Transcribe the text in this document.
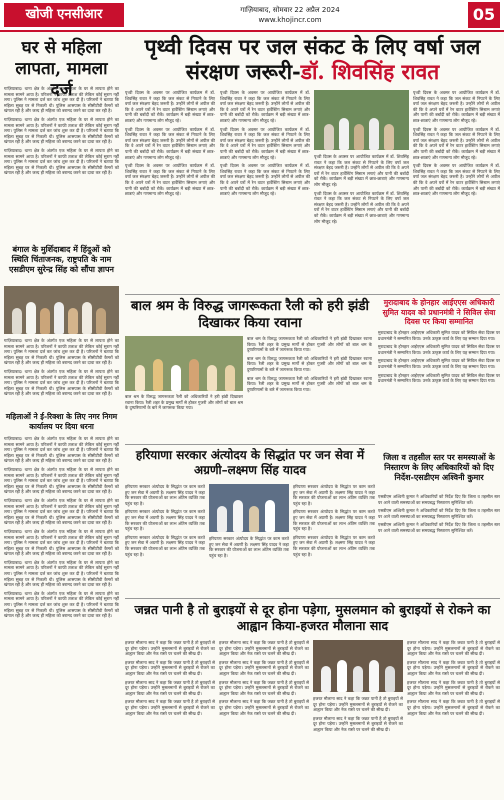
खोजी एनसीआर	गाज़ियाबाद, सोमवार 22 अप्रैल 2024
www.khojincr.com	05
घर से महिला लापता, मामला दर्ज

गाज़ियाबाद। थाना क्षेत्र के अंतर्गत एक महिला के घर से लापता होने का मामला सामने आया है। परिजनों ने काफी तलाश की लेकिन कोई सुराग नहीं लगा। पुलिस ने मामला दर्ज कर जांच शुरू कर दी है। परिजनों ने बताया कि महिला सुबह घर से निकली थी। पुलिस आसपास के सीसीटीवी कैमरों को खंगाल रही है और जल्द ही महिला को बरामद करने का दावा कर रही है।

गाज़ियाबाद। थाना क्षेत्र के अंतर्गत एक महिला के घर से लापता होने का मामला सामने आया है। परिजनों ने काफी तलाश की लेकिन कोई सुराग नहीं लगा। पुलिस ने मामला दर्ज कर जांच शुरू कर दी है। परिजनों ने बताया कि महिला सुबह घर से निकली थी। पुलिस आसपास के सीसीटीवी कैमरों को खंगाल रही है और जल्द ही महिला को बरामद करने का दावा कर रही है।

गाज़ियाबाद। थाना क्षेत्र के अंतर्गत एक महिला के घर से लापता होने का मामला सामने आया है। परिजनों ने काफी तलाश की लेकिन कोई सुराग नहीं लगा। पुलिस ने मामला दर्ज कर जांच शुरू कर दी है। परिजनों ने बताया कि महिला सुबह घर से निकली थी। पुलिस आसपास के सीसीटीवी कैमरों को खंगाल रही है और जल्द ही महिला को बरामद करने का दावा कर रही है।

पृथ्वी दिवस पर जल संकट के लिए वर्षा जल
संरक्षण जरूरी-डॉ. शिवसिंह रावत

पृथ्वी दिवस के अवसर पर आयोजित कार्यक्रम में डॉ. शिवसिंह रावत ने कहा कि जल संकट से निपटने के लिए वर्षा जल संरक्षण बेहद जरूरी है। उन्होंने लोगों से अपील की कि वे अपने घरों में रेन वाटर हार्वेस्टिंग सिस्टम लगाएं और पानी की बर्बादी को रोकें। कार्यक्रम में बड़ी संख्या में छात्र-छात्राएं और गणमान्य लोग मौजूद रहे।

पृथ्वी दिवस के अवसर पर आयोजित कार्यक्रम में डॉ. शिवसिंह रावत ने कहा कि जल संकट से निपटने के लिए वर्षा जल संरक्षण बेहद जरूरी है। उन्होंने लोगों से अपील की कि वे अपने घरों में रेन वाटर हार्वेस्टिंग सिस्टम लगाएं और पानी की बर्बादी को रोकें। कार्यक्रम में बड़ी संख्या में छात्र-छात्राएं और गणमान्य लोग मौजूद रहे।

पृथ्वी दिवस के अवसर पर आयोजित कार्यक्रम में डॉ. शिवसिंह रावत ने कहा कि जल संकट से निपटने के लिए वर्षा जल संरक्षण बेहद जरूरी है। उन्होंने लोगों से अपील की कि वे अपने घरों में रेन वाटर हार्वेस्टिंग सिस्टम लगाएं और पानी की बर्बादी को रोकें। कार्यक्रम में बड़ी संख्या में छात्र-छात्राएं और गणमान्य लोग मौजूद रहे।

पृथ्वी दिवस के अवसर पर आयोजित कार्यक्रम में डॉ. शिवसिंह रावत ने कहा कि जल संकट से निपटने के लिए वर्षा जल संरक्षण बेहद जरूरी है। उन्होंने लोगों से अपील की कि वे अपने घरों में रेन वाटर हार्वेस्टिंग सिस्टम लगाएं और पानी की बर्बादी को रोकें। कार्यक्रम में बड़ी संख्या में छात्र-छात्राएं और गणमान्य लोग मौजूद रहे।

पृथ्वी दिवस के अवसर पर आयोजित कार्यक्रम में डॉ. शिवसिंह रावत ने कहा कि जल संकट से निपटने के लिए वर्षा जल संरक्षण बेहद जरूरी है। उन्होंने लोगों से अपील की कि वे अपने घरों में रेन वाटर हार्वेस्टिंग सिस्टम लगाएं और पानी की बर्बादी को रोकें। कार्यक्रम में बड़ी संख्या में छात्र-छात्राएं और गणमान्य लोग मौजूद रहे।

पृथ्वी दिवस के अवसर पर आयोजित कार्यक्रम में डॉ. शिवसिंह रावत ने कहा कि जल संकट से निपटने के लिए वर्षा जल संरक्षण बेहद जरूरी है। उन्होंने लोगों से अपील की कि वे अपने घरों में रेन वाटर हार्वेस्टिंग सिस्टम लगाएं और पानी की बर्बादी को रोकें। कार्यक्रम में बड़ी संख्या में छात्र-छात्राएं और गणमान्य लोग मौजूद रहे।

पृथ्वी दिवस के अवसर पर आयोजित कार्यक्रम में डॉ. शिवसिंह रावत ने कहा कि जल संकट से निपटने के लिए वर्षा जल संरक्षण बेहद जरूरी है। उन्होंने लोगों से अपील की कि वे अपने घरों में रेन वाटर हार्वेस्टिंग सिस्टम लगाएं और पानी की बर्बादी को रोकें। कार्यक्रम में बड़ी संख्या में छात्र-छात्राएं और गणमान्य लोग मौजूद रहे।

पृथ्वी दिवस के अवसर पर आयोजित कार्यक्रम में डॉ. शिवसिंह रावत ने कहा कि जल संकट से निपटने के लिए वर्षा जल संरक्षण बेहद जरूरी है। उन्होंने लोगों से अपील की कि वे अपने घरों में रेन वाटर हार्वेस्टिंग सिस्टम लगाएं और पानी की बर्बादी को रोकें। कार्यक्रम में बड़ी संख्या में छात्र-छात्राएं और गणमान्य लोग मौजूद रहे।

पृथ्वी दिवस के अवसर पर आयोजित कार्यक्रम में डॉ. शिवसिंह रावत ने कहा कि जल संकट से निपटने के लिए वर्षा जल संरक्षण बेहद जरूरी है। उन्होंने लोगों से अपील की कि वे अपने घरों में रेन वाटर हार्वेस्टिंग सिस्टम लगाएं और पानी की बर्बादी को रोकें। कार्यक्रम में बड़ी संख्या में छात्र-छात्राएं और गणमान्य लोग मौजूद रहे।

पृथ्वी दिवस के अवसर पर आयोजित कार्यक्रम में डॉ. शिवसिंह रावत ने कहा कि जल संकट से निपटने के लिए वर्षा जल संरक्षण बेहद जरूरी है। उन्होंने लोगों से अपील की कि वे अपने घरों में रेन वाटर हार्वेस्टिंग सिस्टम लगाएं और पानी की बर्बादी को रोकें। कार्यक्रम में बड़ी संख्या में छात्र-छात्राएं और गणमान्य लोग मौजूद रहे।

पृथ्वी दिवस के अवसर पर आयोजित कार्यक्रम में डॉ. शिवसिंह रावत ने कहा कि जल संकट से निपटने के लिए वर्षा जल संरक्षण बेहद जरूरी है। उन्होंने लोगों से अपील की कि वे अपने घरों में रेन वाटर हार्वेस्टिंग सिस्टम लगाएं और पानी की बर्बादी को रोकें। कार्यक्रम में बड़ी संख्या में छात्र-छात्राएं और गणमान्य लोग मौजूद रहे।

बंगाल के मुर्शिदाबाद में हिंदुओं को स्थिति चिंताजनक, राष्ट्रपति के नाम एसडीएम सुरेन्द्र सिंह को सौंपा ज्ञापन

गाज़ियाबाद। थाना क्षेत्र के अंतर्गत एक महिला के घर से लापता होने का मामला सामने आया है। परिजनों ने काफी तलाश की लेकिन कोई सुराग नहीं लगा। पुलिस ने मामला दर्ज कर जांच शुरू कर दी है। परिजनों ने बताया कि महिला सुबह घर से निकली थी। पुलिस आसपास के सीसीटीवी कैमरों को खंगाल रही है और जल्द ही महिला को बरामद करने का दावा कर रही है।

गाज़ियाबाद। थाना क्षेत्र के अंतर्गत एक महिला के घर से लापता होने का मामला सामने आया है। परिजनों ने काफी तलाश की लेकिन कोई सुराग नहीं लगा। पुलिस ने मामला दर्ज कर जांच शुरू कर दी है। परिजनों ने बताया कि महिला सुबह घर से निकली थी। पुलिस आसपास के सीसीटीवी कैमरों को खंगाल रही है और जल्द ही महिला को बरामद करने का दावा कर रही है।

बाल श्रम के विरुद्ध जागरूकता रैली को हरी झंडी दिखाकर किया रवाना

बाल श्रम के विरुद्ध जागरूकता रैली को अधिकारियों ने हरी झंडी दिखाकर रवाना किया। रैली शहर के प्रमुख मार्गों से होकर गुजरी और लोगों को बाल श्रम के दुष्परिणामों के बारे में जागरूक किया गया।

बाल श्रम के विरुद्ध जागरूकता रैली को अधिकारियों ने हरी झंडी दिखाकर रवाना किया। रैली शहर के प्रमुख मार्गों से होकर गुजरी और लोगों को बाल श्रम के दुष्परिणामों के बारे में जागरूक किया गया।

बाल श्रम के विरुद्ध जागरूकता रैली को अधिकारियों ने हरी झंडी दिखाकर रवाना किया। रैली शहर के प्रमुख मार्गों से होकर गुजरी और लोगों को बाल श्रम के दुष्परिणामों के बारे में जागरूक किया गया।

बाल श्रम के विरुद्ध जागरूकता रैली को अधिकारियों ने हरी झंडी दिखाकर रवाना किया। रैली शहर के प्रमुख मार्गों से होकर गुजरी और लोगों को बाल श्रम के दुष्परिणामों के बारे में जागरूक किया गया।

मुरादाबाद के होनहार आईएएस अधिकारी सुमित यादव को प्रधानमंत्री ने सिविल सेवा दिवस पर किया सम्मानित

मुरादाबाद के होनहार आईएएस अधिकारी सुमित यादव को सिविल सेवा दिवस पर प्रधानमंत्री ने सम्मानित किया। उनके उत्कृष्ट कार्य के लिए यह सम्मान दिया गया।

मुरादाबाद के होनहार आईएएस अधिकारी सुमित यादव को सिविल सेवा दिवस पर प्रधानमंत्री ने सम्मानित किया। उनके उत्कृष्ट कार्य के लिए यह सम्मान दिया गया।

मुरादाबाद के होनहार आईएएस अधिकारी सुमित यादव को सिविल सेवा दिवस पर प्रधानमंत्री ने सम्मानित किया। उनके उत्कृष्ट कार्य के लिए यह सम्मान दिया गया।

मुरादाबाद के होनहार आईएएस अधिकारी सुमित यादव को सिविल सेवा दिवस पर प्रधानमंत्री ने सम्मानित किया। उनके उत्कृष्ट कार्य के लिए यह सम्मान दिया गया।

महिलाओं ने ई-रिक्शा के लिए नगर निगम कार्यालय पर दिया धरना

गाज़ियाबाद। थाना क्षेत्र के अंतर्गत एक महिला के घर से लापता होने का मामला सामने आया है। परिजनों ने काफी तलाश की लेकिन कोई सुराग नहीं लगा। पुलिस ने मामला दर्ज कर जांच शुरू कर दी है। परिजनों ने बताया कि महिला सुबह घर से निकली थी। पुलिस आसपास के सीसीटीवी कैमरों को खंगाल रही है और जल्द ही महिला को बरामद करने का दावा कर रही है।

गाज़ियाबाद। थाना क्षेत्र के अंतर्गत एक महिला के घर से लापता होने का मामला सामने आया है। परिजनों ने काफी तलाश की लेकिन कोई सुराग नहीं लगा। पुलिस ने मामला दर्ज कर जांच शुरू कर दी है। परिजनों ने बताया कि महिला सुबह घर से निकली थी। पुलिस आसपास के सीसीटीवी कैमरों को खंगाल रही है और जल्द ही महिला को बरामद करने का दावा कर रही है।

गाज़ियाबाद। थाना क्षेत्र के अंतर्गत एक महिला के घर से लापता होने का मामला सामने आया है। परिजनों ने काफी तलाश की लेकिन कोई सुराग नहीं लगा। पुलिस ने मामला दर्ज कर जांच शुरू कर दी है। परिजनों ने बताया कि महिला सुबह घर से निकली थी। पुलिस आसपास के सीसीटीवी कैमरों को खंगाल रही है और जल्द ही महिला को बरामद करने का दावा कर रही है।

गाज़ियाबाद। थाना क्षेत्र के अंतर्गत एक महिला के घर से लापता होने का मामला सामने आया है। परिजनों ने काफी तलाश की लेकिन कोई सुराग नहीं लगा। पुलिस ने मामला दर्ज कर जांच शुरू कर दी है। परिजनों ने बताया कि महिला सुबह घर से निकली थी। पुलिस आसपास के सीसीटीवी कैमरों को खंगाल रही है और जल्द ही महिला को बरामद करने का दावा कर रही है।

गाज़ियाबाद। थाना क्षेत्र के अंतर्गत एक महिला के घर से लापता होने का मामला सामने आया है। परिजनों ने काफी तलाश की लेकिन कोई सुराग नहीं लगा। पुलिस ने मामला दर्ज कर जांच शुरू कर दी है। परिजनों ने बताया कि महिला सुबह घर से निकली थी। पुलिस आसपास के सीसीटीवी कैमरों को खंगाल रही है और जल्द ही महिला को बरामद करने का दावा कर रही है।

गाज़ियाबाद। थाना क्षेत्र के अंतर्गत एक महिला के घर से लापता होने का मामला सामने आया है। परिजनों ने काफी तलाश की लेकिन कोई सुराग नहीं लगा। पुलिस ने मामला दर्ज कर जांच शुरू कर दी है। परिजनों ने बताया कि महिला सुबह घर से निकली थी। पुलिस आसपास के सीसीटीवी कैमरों को खंगाल रही है और जल्द ही महिला को बरामद करने का दावा कर रही है।

हरियाणा सरकार अंत्योदय के सिद्धांत पर जन सेवा में अग्रणी–लक्ष्मण सिंह यादव

हरियाणा सरकार अंत्योदय के सिद्धांत पर काम करते हुए जन सेवा में अग्रणी है। लक्ष्मण सिंह यादव ने कहा कि सरकार की योजनाओं का लाभ अंतिम व्यक्ति तक पहुंच रहा है।

हरियाणा सरकार अंत्योदय के सिद्धांत पर काम करते हुए जन सेवा में अग्रणी है। लक्ष्मण सिंह यादव ने कहा कि सरकार की योजनाओं का लाभ अंतिम व्यक्ति तक पहुंच रहा है।

हरियाणा सरकार अंत्योदय के सिद्धांत पर काम करते हुए जन सेवा में अग्रणी है। लक्ष्मण सिंह यादव ने कहा कि सरकार की योजनाओं का लाभ अंतिम व्यक्ति तक पहुंच रहा है।

हरियाणा सरकार अंत्योदय के सिद्धांत पर काम करते हुए जन सेवा में अग्रणी है। लक्ष्मण सिंह यादव ने कहा कि सरकार की योजनाओं का लाभ अंतिम व्यक्ति तक पहुंच रहा है।

हरियाणा सरकार अंत्योदय के सिद्धांत पर काम करते हुए जन सेवा में अग्रणी है। लक्ष्मण सिंह यादव ने कहा कि सरकार की योजनाओं का लाभ अंतिम व्यक्ति तक पहुंच रहा है।

हरियाणा सरकार अंत्योदय के सिद्धांत पर काम करते हुए जन सेवा में अग्रणी है। लक्ष्मण सिंह यादव ने कहा कि सरकार की योजनाओं का लाभ अंतिम व्यक्ति तक पहुंच रहा है।

हरियाणा सरकार अंत्योदय के सिद्धांत पर काम करते हुए जन सेवा में अग्रणी है। लक्ष्मण सिंह यादव ने कहा कि सरकार की योजनाओं का लाभ अंतिम व्यक्ति तक पहुंच रहा है।

जिला व तहसील स्तर पर समस्याओं के निस्तारण के लिए अधिकारियों को दिए निर्देश-एसडीएम अश्विनी कुमार

एसडीएम अश्विनी कुमार ने अधिकारियों को निर्देश दिए कि जिला व तहसील स्तर पर आने वाली समस्याओं का समयबद्ध निस्तारण सुनिश्चित करें।

एसडीएम अश्विनी कुमार ने अधिकारियों को निर्देश दिए कि जिला व तहसील स्तर पर आने वाली समस्याओं का समयबद्ध निस्तारण सुनिश्चित करें।

एसडीएम अश्विनी कुमार ने अधिकारियों को निर्देश दिए कि जिला व तहसील स्तर पर आने वाली समस्याओं का समयबद्ध निस्तारण सुनिश्चित करें।

जन्नत पानी है तो बुराइयों से दूर होना पड़ेगा, मुसलमान को बुराइयों से रोकने का आह्वान किया-हजरत मौलाना साद

हजरत मौलाना साद ने कहा कि जन्नत पानी है तो बुराइयों से दूर होना पड़ेगा। उन्होंने मुसलमानों से बुराइयों से रोकने का आह्वान किया और नेक रास्ते पर चलने की सीख दी।

हजरत मौलाना साद ने कहा कि जन्नत पानी है तो बुराइयों से दूर होना पड़ेगा। उन्होंने मुसलमानों से बुराइयों से रोकने का आह्वान किया और नेक रास्ते पर चलने की सीख दी।

हजरत मौलाना साद ने कहा कि जन्नत पानी है तो बुराइयों से दूर होना पड़ेगा। उन्होंने मुसलमानों से बुराइयों से रोकने का आह्वान किया और नेक रास्ते पर चलने की सीख दी।

हजरत मौलाना साद ने कहा कि जन्नत पानी है तो बुराइयों से दूर होना पड़ेगा। उन्होंने मुसलमानों से बुराइयों से रोकने का आह्वान किया और नेक रास्ते पर चलने की सीख दी।

हजरत मौलाना साद ने कहा कि जन्नत पानी है तो बुराइयों से दूर होना पड़ेगा। उन्होंने मुसलमानों से बुराइयों से रोकने का आह्वान किया और नेक रास्ते पर चलने की सीख दी।

हजरत मौलाना साद ने कहा कि जन्नत पानी है तो बुराइयों से दूर होना पड़ेगा। उन्होंने मुसलमानों से बुराइयों से रोकने का आह्वान किया और नेक रास्ते पर चलने की सीख दी।

हजरत मौलाना साद ने कहा कि जन्नत पानी है तो बुराइयों से दूर होना पड़ेगा। उन्होंने मुसलमानों से बुराइयों से रोकने का आह्वान किया और नेक रास्ते पर चलने की सीख दी।

हजरत मौलाना साद ने कहा कि जन्नत पानी है तो बुराइयों से दूर होना पड़ेगा। उन्होंने मुसलमानों से बुराइयों से रोकने का आह्वान किया और नेक रास्ते पर चलने की सीख दी।

हजरत मौलाना साद ने कहा कि जन्नत पानी है तो बुराइयों से दूर होना पड़ेगा। उन्होंने मुसलमानों से बुराइयों से रोकने का आह्वान किया और नेक रास्ते पर चलने की सीख दी।

हजरत मौलाना साद ने कहा कि जन्नत पानी है तो बुराइयों से दूर होना पड़ेगा। उन्होंने मुसलमानों से बुराइयों से रोकने का आह्वान किया और नेक रास्ते पर चलने की सीख दी।

हजरत मौलाना साद ने कहा कि जन्नत पानी है तो बुराइयों से दूर होना पड़ेगा। उन्होंने मुसलमानों से बुराइयों से रोकने का आह्वान किया और नेक रास्ते पर चलने की सीख दी।

हजरत मौलाना साद ने कहा कि जन्नत पानी है तो बुराइयों से दूर होना पड़ेगा। उन्होंने मुसलमानों से बुराइयों से रोकने का आह्वान किया और नेक रास्ते पर चलने की सीख दी।

हजरत मौलाना साद ने कहा कि जन्नत पानी है तो बुराइयों से दूर होना पड़ेगा। उन्होंने मुसलमानों से बुराइयों से रोकने का आह्वान किया और नेक रास्ते पर चलने की सीख दी।

हजरत मौलाना साद ने कहा कि जन्नत पानी है तो बुराइयों से दूर होना पड़ेगा। उन्होंने मुसलमानों से बुराइयों से रोकने का आह्वान किया और नेक रास्ते पर चलने की सीख दी।
